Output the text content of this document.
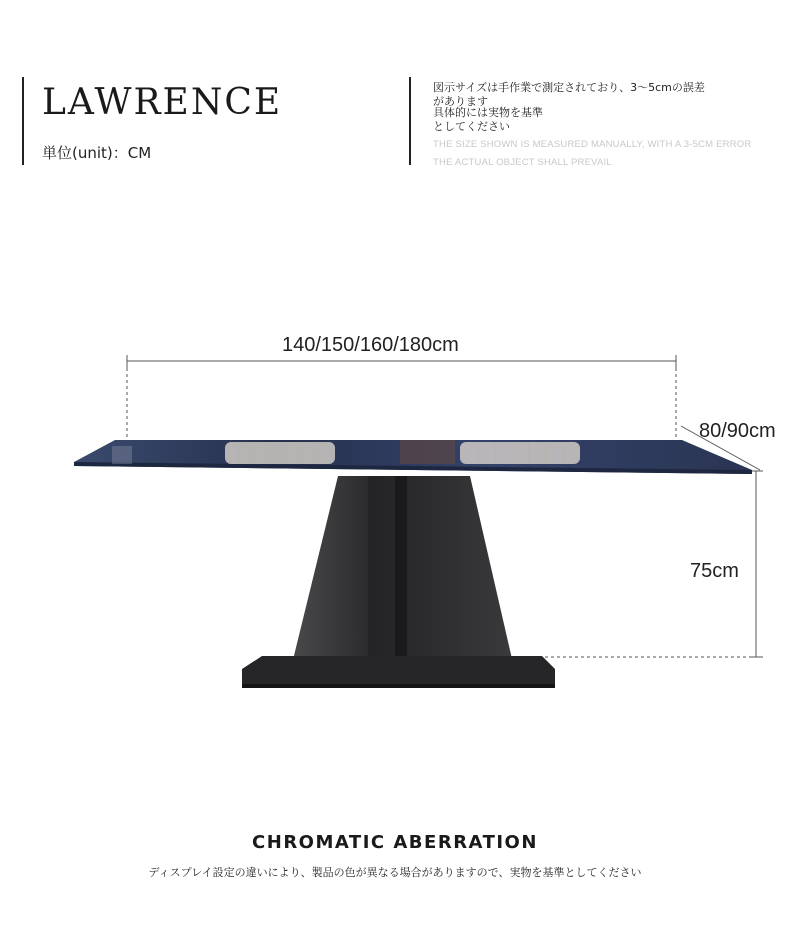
LAWRENCE
単位(unit)：CM
図示サイズは手作業で測定されており、3〜5cmの誤差
があります
具体的には実物を基準
としてください
THE SIZE SHOWN IS MEASURED MANUALLY, WITH A 3-5CM ERROR
THE ACTUAL OBJECT SHALL PREVAIL
140/150/160/180cm
80/90cm
75cm
CHROMATIC ABERRATION
ディスプレイ設定の違いにより、製品の色が異なる場合がありますので、実物を基準としてください
